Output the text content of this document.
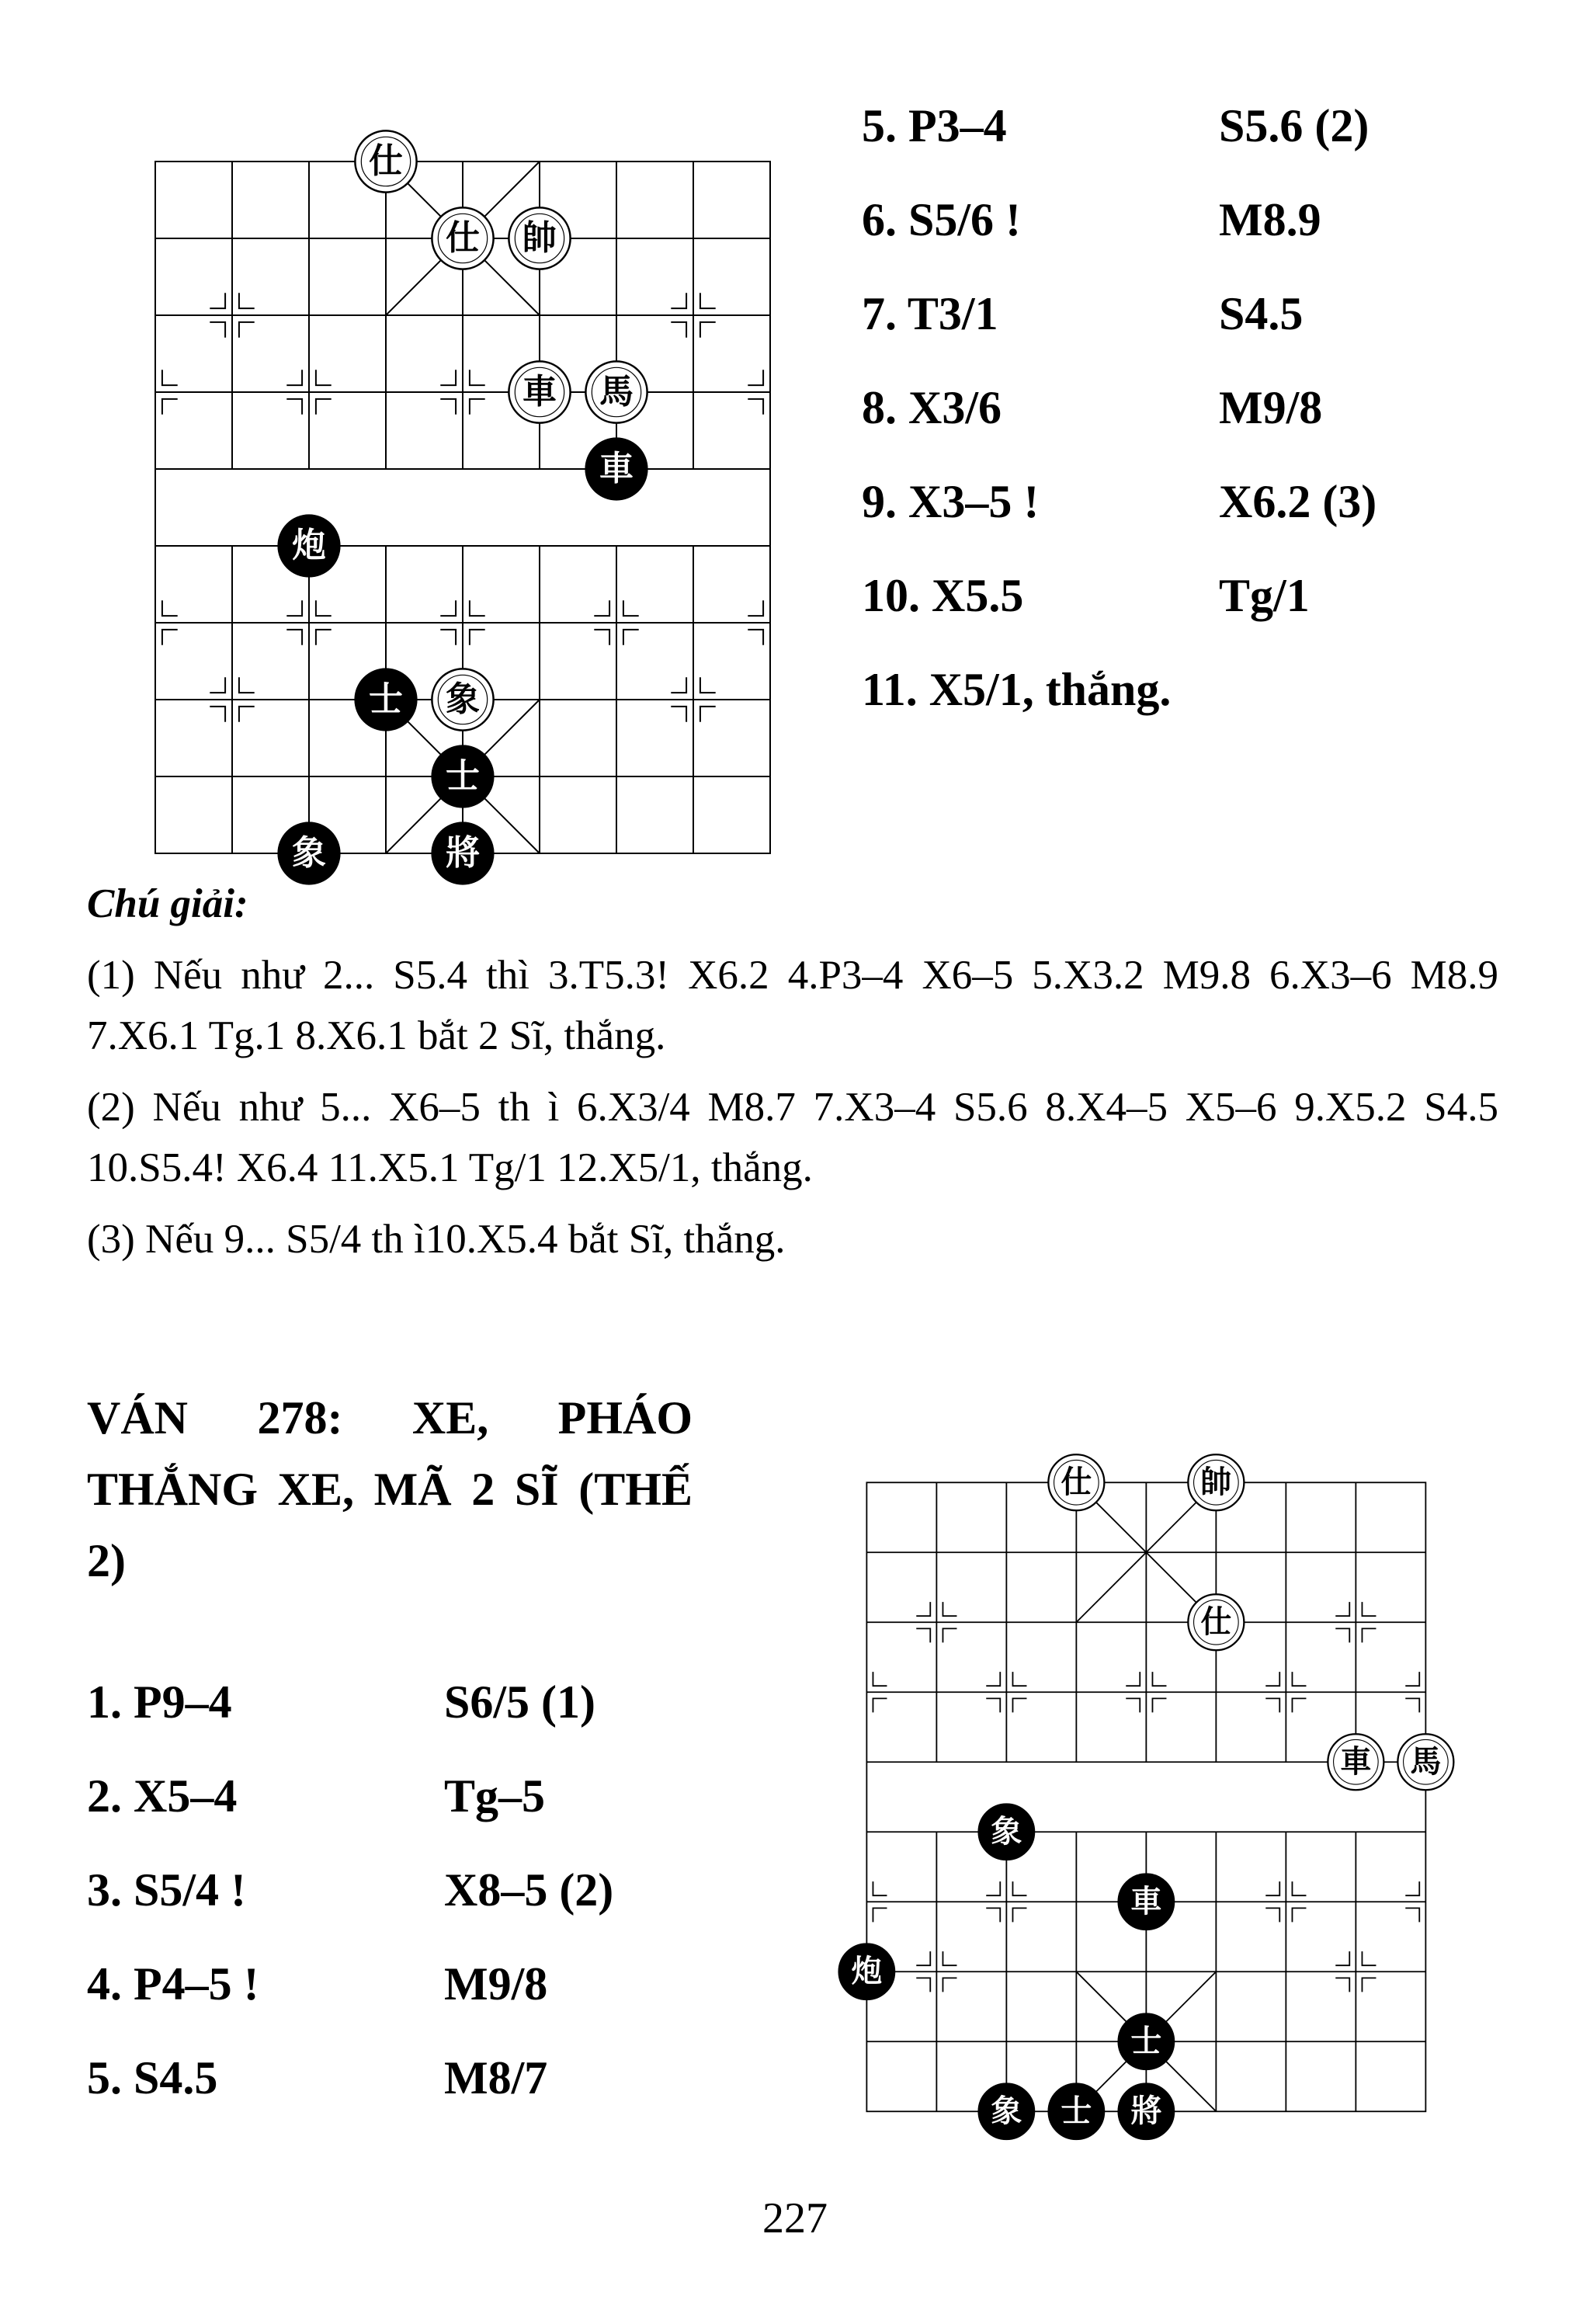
仕
仕 帥
車 馬
車
炮
士 象
士
象	將
5. P3–4	S5.6 (2)
6. S5/6 !	M8.9
7. T3/1	S4.5
8. X3/6	M9/8
9. X3–5 !	X6.2 (3)
10. X5.5	Tg/1
11. X5/1, thắng.
Chú giải:

(1) Nếu như 2... S5.4 thì 3.T5.3! X6.2 4.P3–4 X6–5 5.X3.2 M9.8 6.X3–6 M8.9 7.X6.1 Tg.1 8.X6.1 bắt 2 Sĩ, thắng.

(2) Nếu như 5... X6–5 th ì 6.X3/4 M8.7 7.X3–4 S5.6 8.X4–5 X5–6 9.X5.2 S4.5 10.S5.4! X6.4 11.X5.1 Tg/1 12.X5/1, thắng.

(3) Nếu 9... S5/4 th ì10.X5.4 bắt Sĩ, thắng.

VÁN 278: XE, PHÁO THẮNG XE, MÃ 2 SĨ (THẾ 2)
1. P9–4	S6/5 (1)
2. X5–4	Tg–5
3. S5/4 !	X8–5 (2)
4. P4–5 !	M9/8
5. S4.5	M8/7
仕	帥
仕
車 馬
象
車
炮
士
象 士 將
227
